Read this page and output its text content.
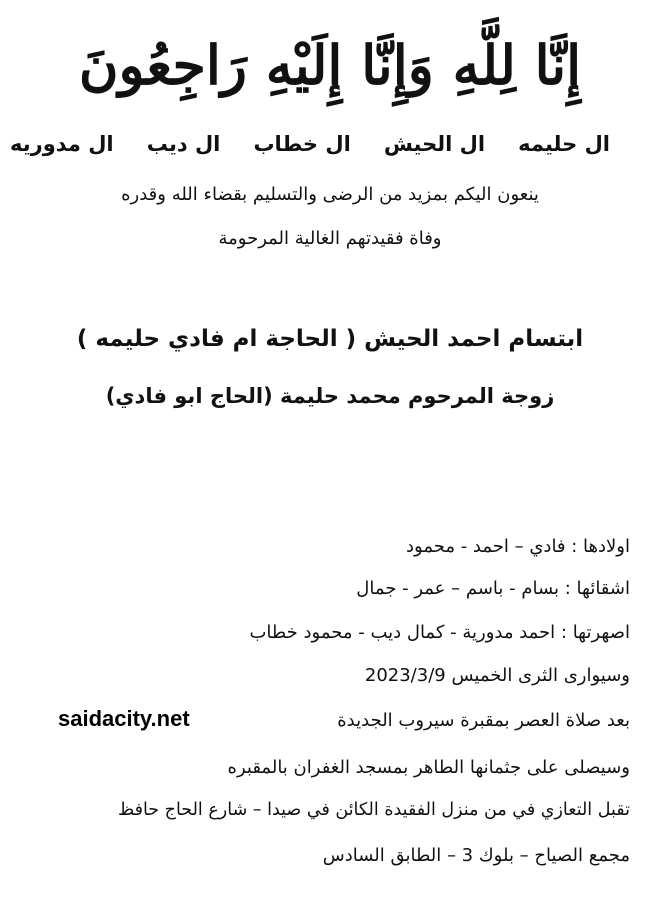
إِنَّا لِلَّهِ وَإِنَّا إِلَيْهِ رَاجِعُونَ
ال حليمه
ال الحيش
ال خطاب
ال ديب
ال مدوريه
ينعون اليكم بمزيد من الرضى والتسليم بقضاء الله وقدره
وفاة فقيدتهم الغالية المرحومة
ابتسام احمد الحيش ( الحاجة ام فادي حليمه )
زوجة المرحوم محمد حليمة (الحاج ابو فادي)
اولادها : فادي – احمد - محمود
اشقائها : بسام - باسم – عمر - جمال
اصهرتها : احمد مدورية - كمال ديب - محمود خطاب
وسيوارى الثرى الخميس 2023/3/9
بعد صلاة العصر بمقبرة سيروب الجديدة
وسيصلى على جثمانها الطاهر بمسجد الغفران بالمقبره
تقبل التعازي في من منزل الفقيدة الكائن في صيدا – شارع الحاج حافظ
مجمع الصياح – بلوك 3 – الطابق السادس
saidacity.net
